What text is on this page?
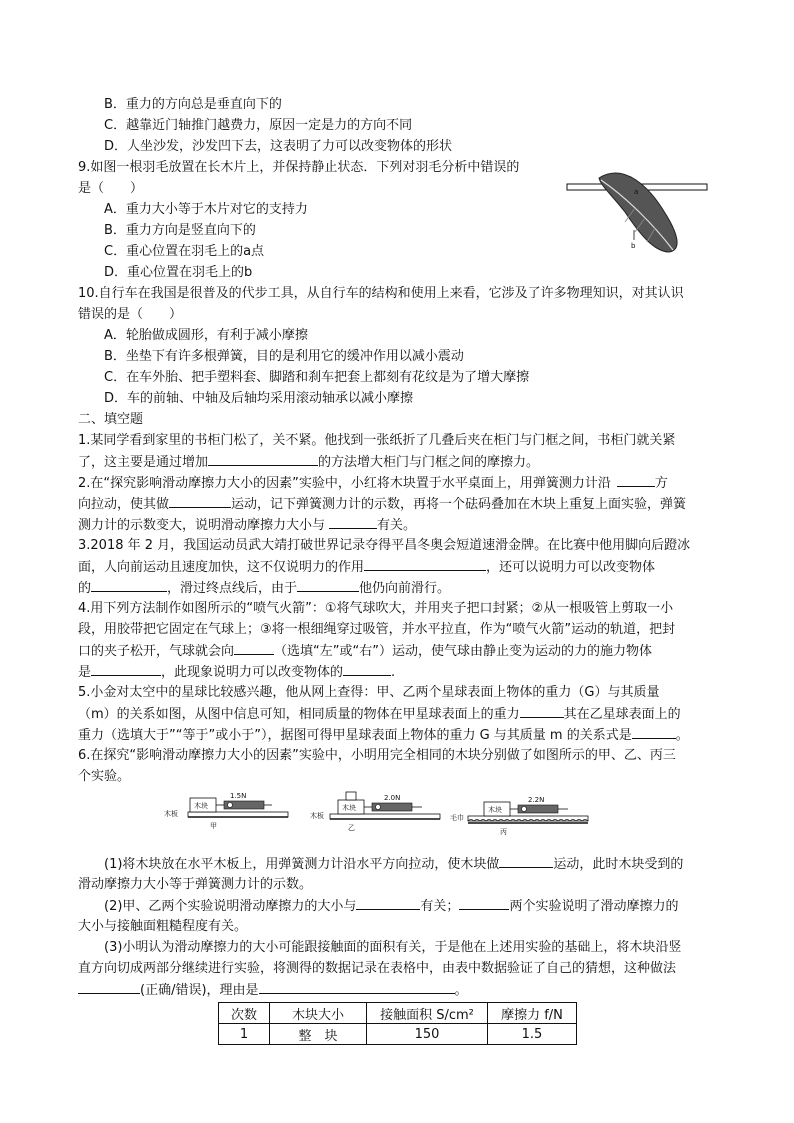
B．重力的方向总是垂直向下的
C．越靠近门轴推门越费力，原因一定是力的方向不同
D．人坐沙发，沙发凹下去，这表明了力可以改变物体的形状
9.如图一根羽毛放置在长木片上，并保持静止状态．下列对羽毛分析中错误的
是（　　）
A．重力大小等于木片对它的支持力
B．重力方向是竖直向下的
C．重心位置在羽毛上的a点
D．重心位置在羽毛上的b
a
b
10.自行车在我国是很普及的代步工具，从自行车的结构和使用上来看，它涉及了许多物理知识，对其认识
错误的是（　　）
A．轮胎做成圆形，有利于减小摩擦
B．坐垫下有许多根弹簧，目的是利用它的缓冲作用以减小震动
C．在车外胎、把手塑料套、脚踏和刹车把套上都刻有花纹是为了增大摩擦
D．车的前轴、中轴及后轴均采用滚动轴承以减小摩擦
二、填空题
1.某同学看到家里的书柜门松了，关不紧。他找到一张纸折了几叠后夹在柜门与门框之间，书柜门就关紧
了，这主要是通过增加	的方法增大柜门与门框之间的摩擦力。
2.在“探究影响滑动摩擦力大小的因素”实验中，小红将木块置于水平桌面上，用弹簧测力计沿	方
向拉动，使其做	运动，记下弹簧测力计的示数，再将一个砝码叠加在木块上重复上面实验，弹簧
测力计的示数变大，说明滑动摩擦力大小与	有关。
3.2018 年 2 月，我国运动员武大靖打破世界记录夺得平昌冬奥会短道速滑金牌。在比赛中他用脚向后蹬冰
面，人向前运动且速度加快，这不仅说明力的作用	，还可以说明力可以改变物体
的	，滑过终点线后，由于	他仍向前滑行。
4.用下列方法制作如图所示的“喷气火箭”：①将气球吹大，并用夹子把口封紧；②从一根吸管上剪取一小
段，用胶带把它固定在气球上；③将一根细绳穿过吸管，并水平拉直，作为“喷气火箭”运动的轨道，把封
口的夹子松开，气球就会向	（选填“左”或“右”）运动，使气球由静止变为运动的力的施力物体
是	，此现象说明力可以改变物体的	.
5.小金对太空中的星球比较感兴趣，他从网上查得：甲、乙两个星球表面上物体的重力（G）与其质量
（m）的关系如图，从图中信息可知，相同质量的物体在甲星球表面上的重力	其在乙星球表面上的
重力（选填大于”“等于”或小于”），据图可得甲星球表面上物体的重力 G 与其质量 m 的关系式是	。
6.在探究“影响滑动摩擦力大小的因素”实验中，小明用完全相同的木块分别做了如图所示的甲、乙、丙三
个实验。
木板
木块
1.5N
甲
木板
木块
2.0N
乙
毛巾
木块
2.2N
丙
(1)将木块放在水平木板上，用弹簧测力计沿水平方向拉动，使木块做	运动，此时木块受到的
滑动摩擦力大小等于弹簧测力计的示数。
(2)甲、乙两个实验说明滑动摩擦力的大小与	有关；	两个实验说明了滑动摩擦力的
大小与接触面粗糙程度有关。
(3)小明认为滑动摩擦力的大小可能跟接触面的面积有关，于是他在上述用实验的基础上，将木块沿竖
直方向切成两部分继续进行实验，将测得的数据记录在表格中，由表中数据验证了自己的猜想，这种做法
(正确/错误)，理由是	。
次数	木块大小	接触面积 S/cm²	摩擦力 f/N
1	整　块	150	1.5
